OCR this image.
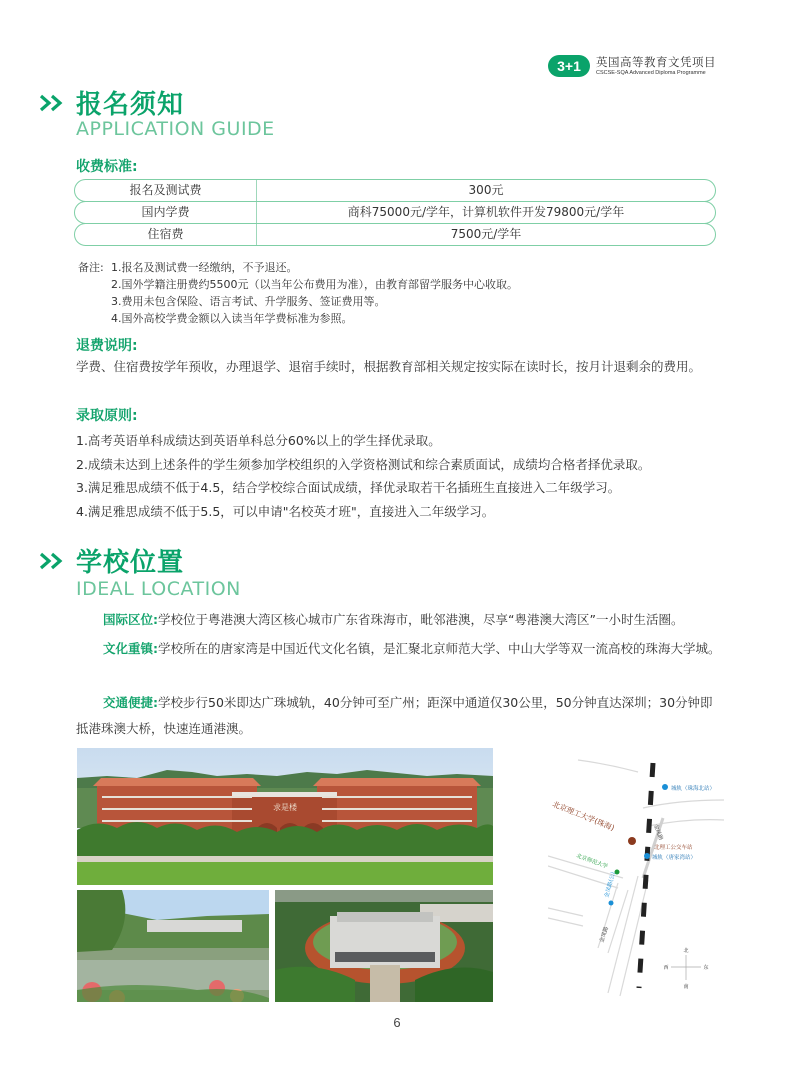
3+1	英国高等教育文凭项目
CSCSE-SQA Advanced Diploma Programme
报名须知
APPLICATION GUIDE
收费标准:
报名及测试费	300元
国内学费	商科75000元/学年，计算机软件开发79800元/学年
住宿费	7500元/学年
备注: 1.报名及测试费一经缴纳，不予退还。
2.国外学籍注册费约5500元（以当年公布费用为准），由教育部留学服务中心收取。
3.费用未包含保险、语言考试、升学服务、签证费用等。
4.国外高校学费金额以入读当年学费标准为参照。
退费说明:
学费、住宿费按学年预收，办理退学、退宿手续时，根据教育部相关规定按实际在读时长，按月计退剩余的费用。
录取原则:
1.高考英语单科成绩达到英语单科总分60%以上的学生择优录取。
2.成绩未达到上述条件的学生须参加学校组织的入学资格测试和综合素质面试，成绩均合格者择优录取。
3.满足雅思成绩不低于4.5，结合学校综合面试成绩，择优录取若干名插班生直接进入二年级学习。
4.满足雅思成绩不低于5.5，可以申请"名校英才班"，直接进入二年级学习。
学校位置
IDEAL LOCATION
国际区位:学校位于粤港澳大湾区核心城市广东省珠海市，毗邻港澳，尽享“粤港澳大湾区”一小时生活圈。
文化重镇:学校所在的唐家湾是中国近代文化名镇，是汇聚北京师范大学、中山大学等双一流高校的珠海大学城。
交通便捷:学校步行50米即达广珠城轨，40分钟可至广州；距深中通道仅30公里，50分钟直达深圳；30分钟即抵港珠澳大桥，快速连通港澳。
求是楼
城轨（珠海北站）
北京理工大学(珠海)
北理工公交车站
城轨（唐家湾站）
北京师范大学
金凤路
金凤路(公)
金凤路
北
南
西	东
6
